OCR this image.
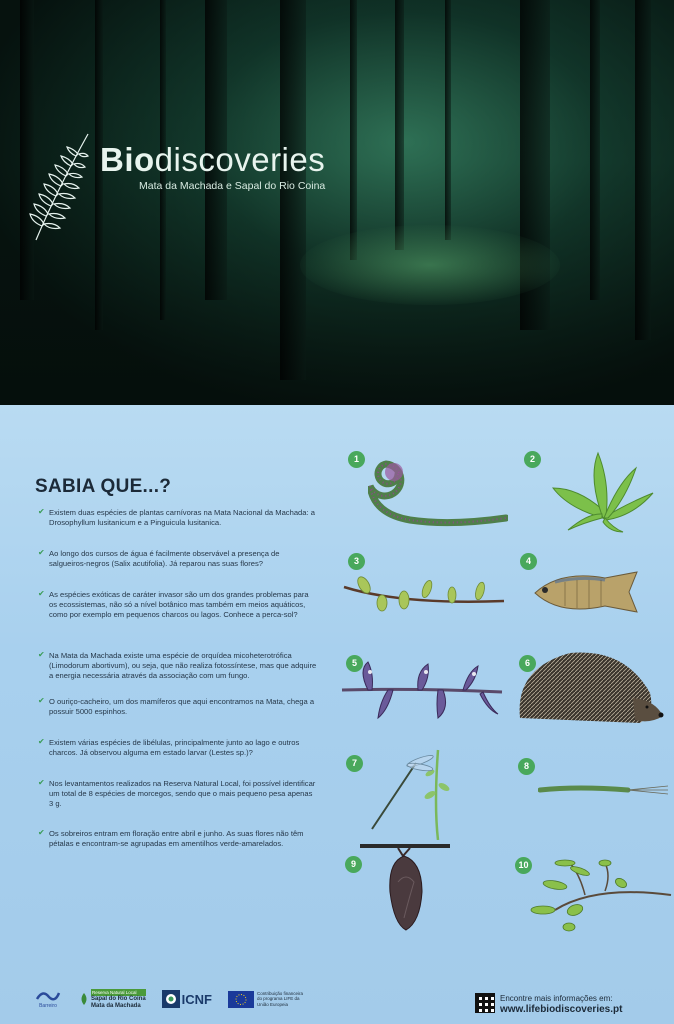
Biodiscoveries
Mata da Machada e Sapal do Rio Coina
SABIA QUE...?
✔ Existem duas espécies de plantas carnívoras na Mata Nacional da Machada: a Drosophyllum lusitanicum e a Pinguicula lusitanica.
✔ Ao longo dos cursos de água é facilmente observável a presença de salgueiros-negros (Salix acutifolia). Já reparou nas suas flores?
✔ As espécies exóticas de caráter invasor são um dos grandes problemas para os ecossistemas, não só a nível botânico mas também em meios aquáticos, como por exemplo em pequenos charcos ou lagos. Conhece a perca-sol?
✔ Na Mata da Machada existe uma espécie de orquídea micoheterotrófica (Limodorum abortivum), ou seja, que não realiza fotossíntese, mas que adquire a energia necessária através da associação com um fungo.
✔ O ouriço-cacheiro, um dos mamíferos que aqui encontramos na Mata, chega a possuir 5000 espinhos.
✔ Existem várias espécies de libélulas, principalmente junto ao lago e outros charcos. Já observou alguma em estado larvar (Lestes sp.)?
✔ Nos levantamentos realizados na Reserva Natural Local, foi possível identificar um total de 8 espécies de morcegos, sendo que o mais pequeno pesa apenas 3 g.
✔ Os sobreiros entram em floração entre abril e junho. As suas flores não têm pétalas e encontram-se agrupadas em amentilhos verde-amarelados.
1	2
3	4
5	6
7	8
9	10
Barreiro
Reserva Natural Local
Sapal do Rio Coina
Mata da Machada	ICNF	Contribuição financeira
do programa LIFE da
União Europeia
Encontre mais informações em:
www.lifebiodiscoveries.pt
